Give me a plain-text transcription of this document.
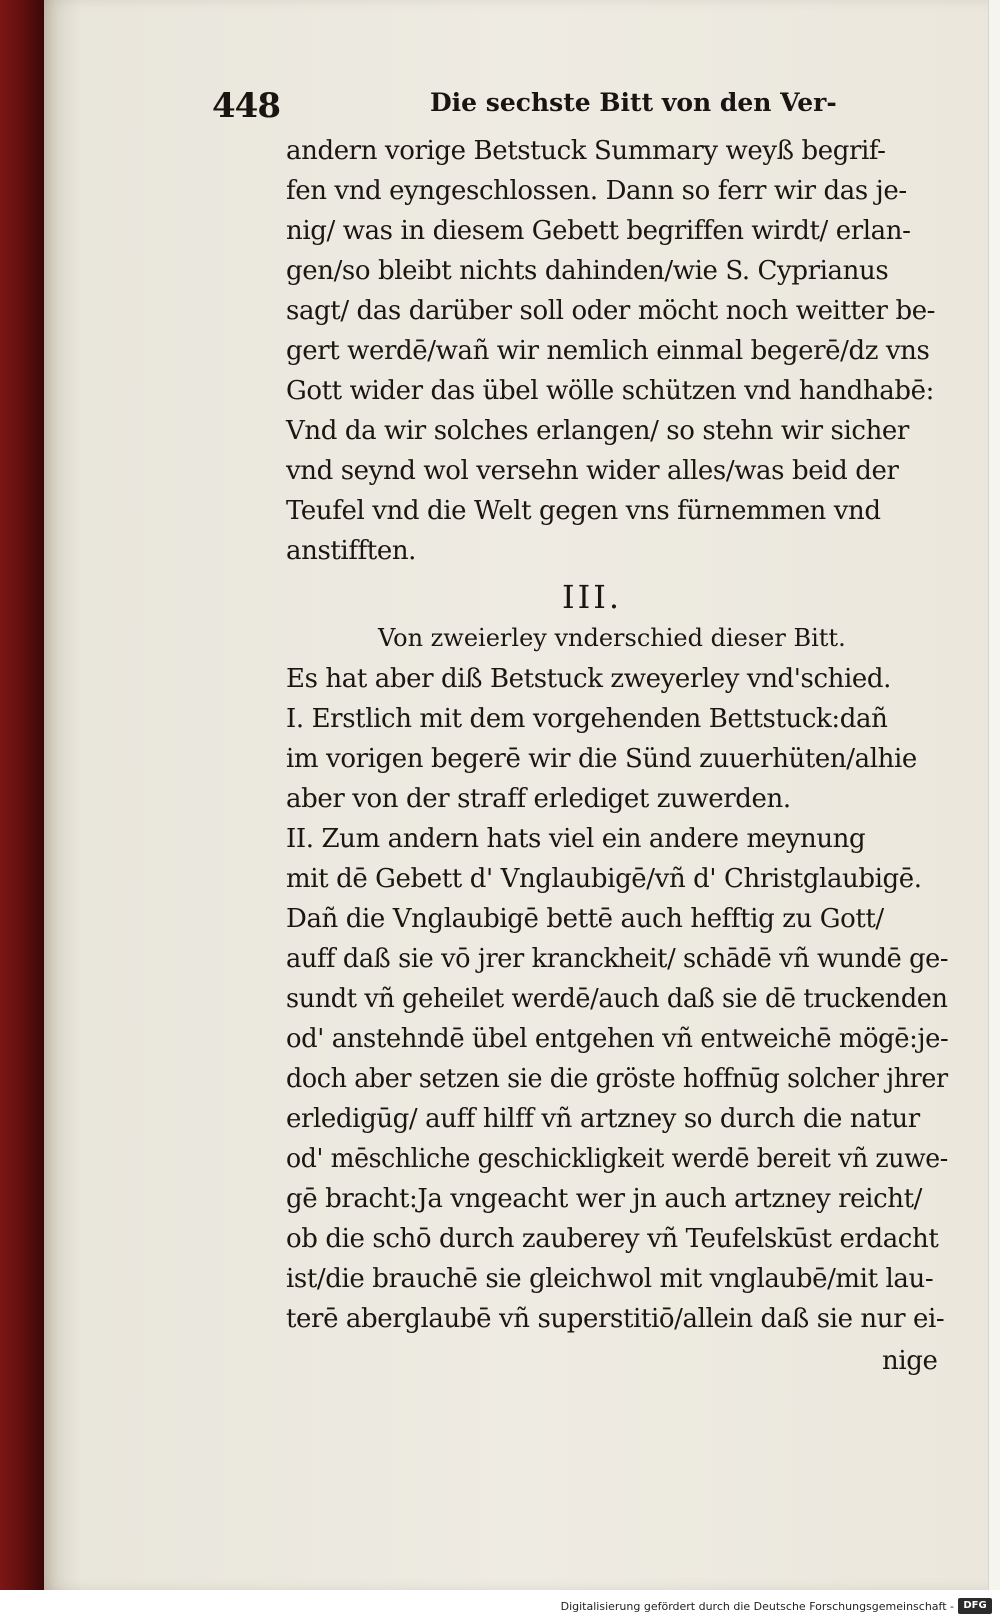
448	Die sechste Bitt von den Ver-
andern vorige Betstuck Summary weyß begrif-
fen vnd eyngeschlossen. Dann so ferr wir das je-
nig/ was in diesem Gebett begriffen wirdt/ erlan-
gen/so bleibt nichts dahinden/wie S. Cyprianus
sagt/ das darüber soll oder möcht noch weitter be-
gert werdē/wañ wir nemlich einmal begerē/dz vns
Gott wider das übel wölle schützen vnd handhabē:
Vnd da wir solches erlangen/ so stehn wir sicher
vnd seynd wol versehn wider alles/was beid der
Teufel vnd die Welt gegen vns fürnemmen vnd
anstifften.
III.
Von zweierley vnderschied dieser Bitt.
Es hat aber diß Betstuck zweyerley vnd'schied.
I. Erstlich mit dem vorgehenden Bettstuck:dañ
im vorigen begerē wir die Sünd zuuerhüten/alhie
aber von der straff erlediget zuwerden.
II. Zum andern hats viel ein andere meynung
mit dē Gebett d' Vnglaubigē/vñ d' Christglaubigē.
Dañ die Vnglaubigē bettē auch hefftig zu Gott/
auff daß sie vō jrer kranckheit/ schādē vñ wundē ge-
sundt vñ geheilet werdē/auch daß sie dē truckenden
od' anstehndē übel entgehen vñ entweichē mögē:je-
doch aber setzen sie die gröste hoffnūg solcher jhrer
erledigūg/ auff hilff vñ artzney so durch die natur
od' mēschliche geschickligkeit werdē bereit vñ zuwe-
gē bracht:Ja vngeacht wer jn auch artzney reicht/
ob die schō durch zauberey vñ Teufelskūst erdacht
ist/die brauchē sie gleichwol mit vnglaubē/mit lau-
terē aberglaubē vñ superstitiō/allein daß sie nur ei-
nige
Digitalisierung gefördert durch die Deutsche Forschungsgemeinschaft - DFG
